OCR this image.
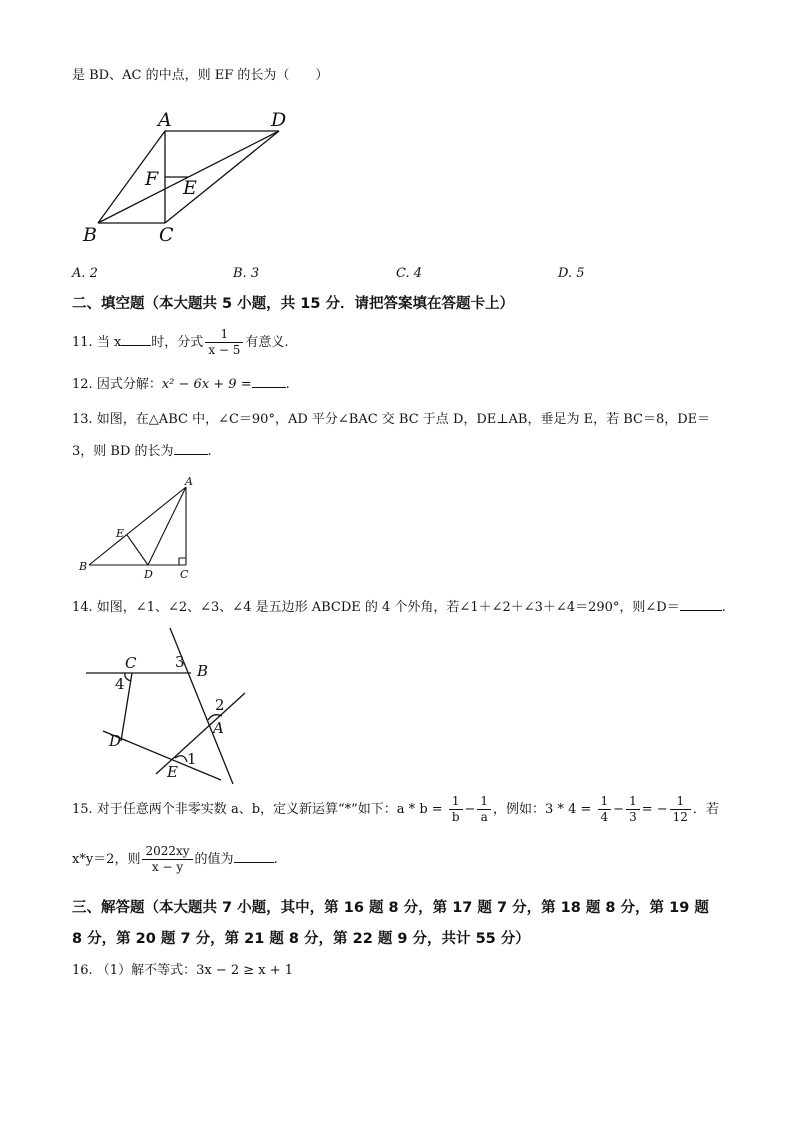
是 BD、AC 的中点，则 EF 的长为（　　）
A	D
F E
B	C
A. 2	B. 3	C. 4	D. 5
二、填空题（本大题共 5 小题，共 15 分．请把答案填在答题卡上）
11. 当 x 时，分式 $\frac{1}{x - 5}$ 有意义.
12. 因式分解：x² − 6x + 9 =	.
13. 如图，在△ABC 中，∠C＝90°，AD 平分∠BAC 交 BC 于点 D，DE⊥AB，垂足为 E，若 BC＝8，DE＝
3，则 BD 的长为	.
A
E
B
D C
14. 如图，∠1、∠2、∠3、∠4 是五边形 ABCDE 的 4 个外角，若∠1＋∠2＋∠3＋∠4＝290°，则∠D＝	.
C	3 B
4
2
A
D
E
1
15. 对于任意两个非零实数 a、b，定义新运算“*”如下：$a * b = \frac{1}{b} - \frac{1}{a}$ ，例如：$3 * 4 = \frac{1}{4} - \frac{1}{3}$ = − $\frac{1}{12}$ ．若
x*y＝2，则 $\frac{2022xy}{x - y}$ 的值为	.
三、解答题（本大题共 7 小题，其中，第 16 题 8 分，第 17 题 7 分，第 18 题 8 分，第 19 题
8 分，第 20 题 7 分，第 21 题 8 分，第 22 题 9 分，共计 55 分）
16. （1）解不等式：3x − 2 ≥ x + 1
